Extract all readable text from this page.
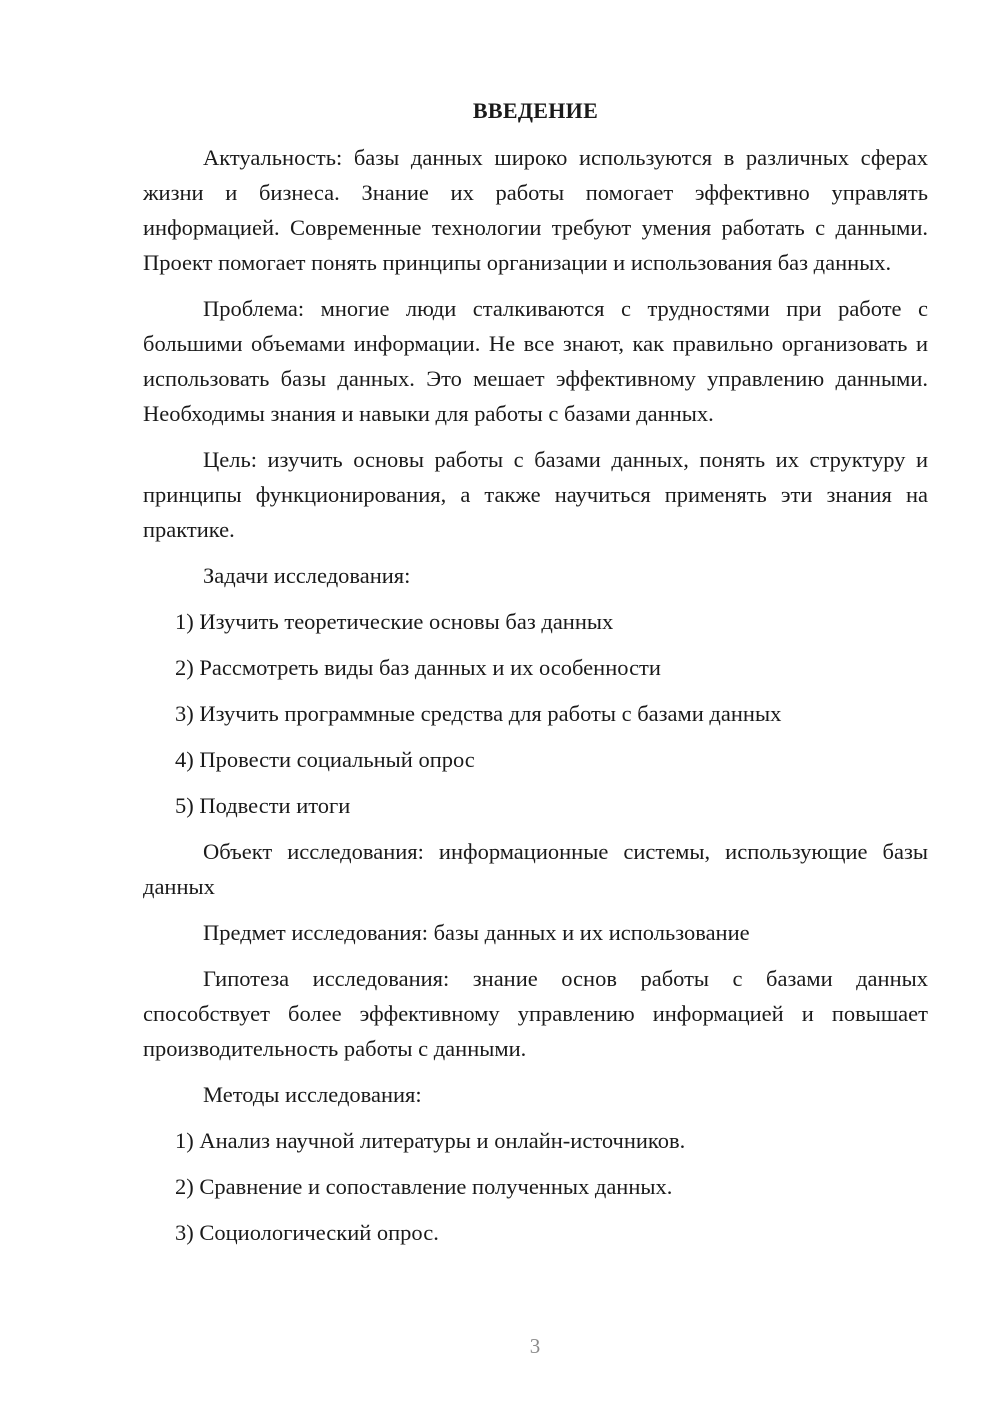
ВВЕДЕНИЕ

Актуальность: базы данных широко используются в различных сферах жизни и бизнеса. Знание их работы помогает эффективно управлять информацией. Современные технологии требуют умения работать с данными. Проект помогает понять принципы организации и использования баз данных.

Проблема: многие люди сталкиваются с трудностями при работе с большими объемами информации. Не все знают, как правильно организовать и использовать базы данных. Это мешает эффективному управлению данными. Необходимы знания и навыки для работы с базами данных.

Цель: изучить основы работы с базами данных, понять их структуру и принципы функционирования, а также научиться применять эти знания на практике.

Задачи исследования:

1) Изучить теоретические основы баз данных
2) Рассмотреть виды баз данных и их особенности
3) Изучить программные средства для работы с базами данных
4) Провести социальный опрос
5) Подвести итоги

Объект исследования: информационные системы, использующие базы данных

Предмет исследования: базы данных и их использование

Гипотеза исследования: знание основ работы с базами данных способствует более эффективному управлению информацией и повышает производительность работы с данными.

Методы исследования:

1) Анализ научной литературы и онлайн-источников.
2) Сравнение и сопоставление полученных данных.
3) Социологический опрос.
3
